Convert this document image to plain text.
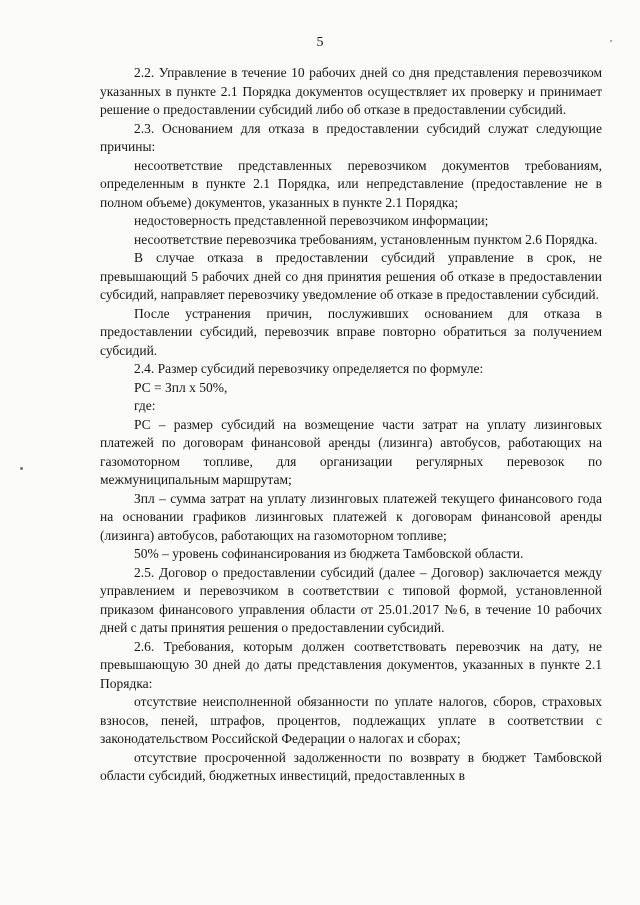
5

2.2. Управление в течение 10 рабочих дней со дня представления перевозчиком указанных в пункте 2.1 Порядка документов осуществляет их проверку и принимает решение о предоставлении субсидий либо об отказе в предоставлении субсидий.

2.3. Основанием для отказа в предоставлении субсидий служат следующие причины:

несоответствие представленных перевозчиком документов требованиям, определенным в пункте 2.1 Порядка, или непредставление (предоставление не в полном объеме) документов, указанных в пункте 2.1 Порядка;

недостоверность представленной перевозчиком информации;

несоответствие перевозчика требованиям, установленным пунктом 2.6 Порядка.

В случае отказа в предоставлении субсидий управление в срок, не превышающий 5 рабочих дней со дня принятия решения об отказе в предоставлении субсидий, направляет перевозчику уведомление об отказе в предоставлении субсидий.

После устранения причин, послуживших основанием для отказа в предоставлении субсидий, перевозчик вправе повторно обратиться за получением субсидий.

2.4. Размер субсидий перевозчику определяется по формуле:

РС = Зпл х 50%,

где:

РС – размер субсидий на возмещение части затрат на уплату лизинговых платежей по договорам финансовой аренды (лизинга) автобусов, работающих на газомоторном топливе, для организации регулярных перевозок по межмуниципальным маршрутам;

Зпл – сумма затрат на уплату лизинговых платежей текущего финансового года на основании графиков лизинговых платежей к договорам финансовой аренды (лизинга) автобусов, работающих на газомоторном топливе;

50% – уровень софинансирования из бюджета Тамбовской области.

2.5. Договор о предоставлении субсидий (далее – Договор) заключается между управлением и перевозчиком в соответствии с типовой формой, установленной приказом финансового управления области от 25.01.2017 №6, в течение 10 рабочих дней с даты принятия решения о предоставлении субсидий.

2.6. Требования, которым должен соответствовать перевозчик на дату, не превышающую 30 дней до даты представления документов, указанных в пункте 2.1 Порядка:

отсутствие неисполненной обязанности по уплате налогов, сборов, страховых взносов, пеней, штрафов, процентов, подлежащих уплате в соответствии с законодательством Российской Федерации о налогах и сборах;

отсутствие просроченной задолженности по возврату в бюджет Тамбовской области субсидий, бюджетных инвестиций, предоставленных в
